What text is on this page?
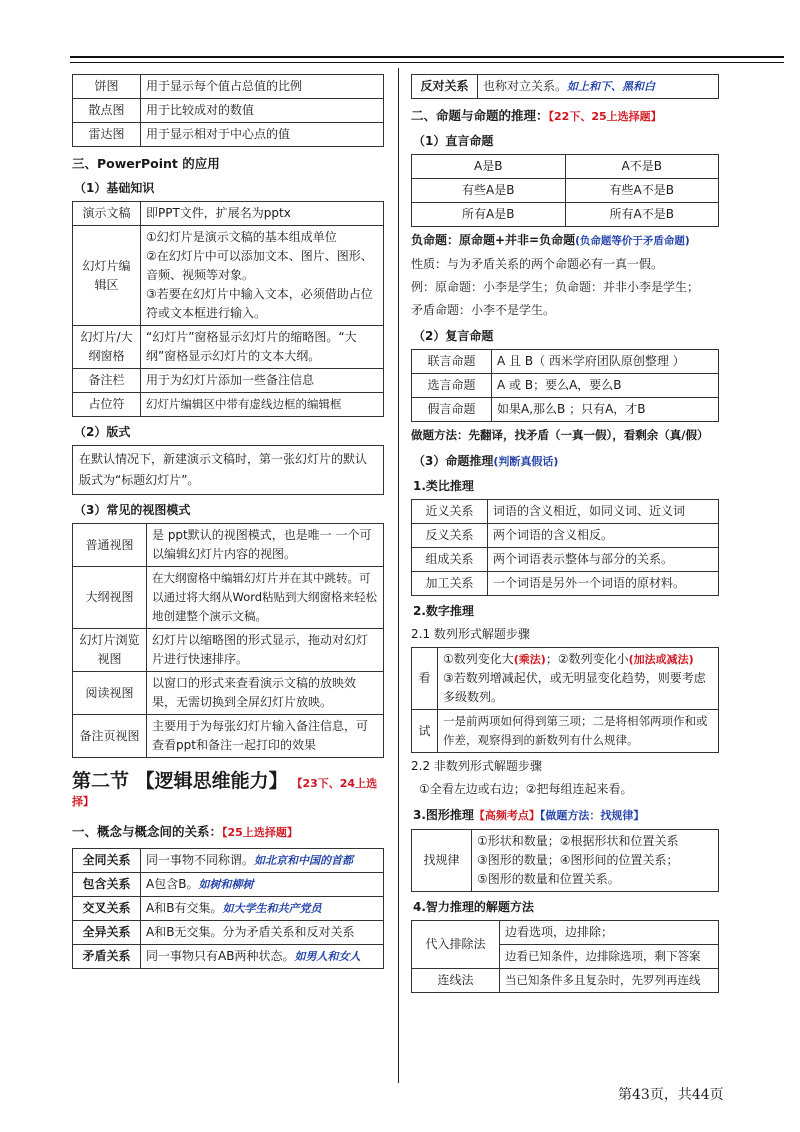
饼图	用于显示每个值占总值的比例
散点图	用于比较成对的数值
雷达图	用于显示相对于中心点的值
三、PowerPoint 的应用
（1）基础知识
演示文稿	即PPT文件，扩展名为pptx
幻灯片编辑区	①幻灯片是演示文稿的基本组成单位
②在幻灯片中可以添加文本、图片、图形、音频、视频等对象。
③若要在幻灯片中输入文本，必须借助占位符或文本框进行输入。
幻灯片/大纲窗格	“幻灯片”窗格显示幻灯片的缩略图。“大纲”窗格显示幻灯片的文本大纲。
备注栏	用于为幻灯片添加一些备注信息
占位符	幻灯片编辑区中带有虚线边框的编辑框
（2）版式
在默认情况下，新建演示文稿时，第一张幻灯片的默认版式为“标题幻灯片”。
（3）常见的视图模式
普通视图	是 ppt默认的视图模式，也是唯一 一个可以编辑幻灯片内容的视图。
大纲视图	在大纲窗格中编辑幻灯片并在其中跳转。可以通过将大纲从Word粘贴到大纲窗格来轻松地创建整个演示文稿。
幻灯片浏览视图	幻灯片以缩略图的形式显示，拖动对幻灯片进行快速排序。
阅读视图	以窗口的形式来查看演示文稿的放映效果，无需切换到全屏幻灯片放映。
备注页视图	主要用于为每张幻灯片输入备注信息，可查看ppt和备注一起打印的效果
第二节 【逻辑思维能力】 【23下、24上选择】
一、概念与概念间的关系：【25上选择题】
全同关系	同一事物不同称谓。如北京和中国的首都
包含关系	A包含B。如树和柳树
交叉关系	A和B有交集。如大学生和共产党员
全异关系	A和B无交集。分为矛盾关系和反对关系
矛盾关系	同一事物只有AB两种状态。如男人和女人
反对关系	也称对立关系。如上和下、黑和白
二、命题与命题的推理：【22下、25上选择题】
（1）直言命题
A是B	A不是B
有些A是B	有些A不是B
所有A是B	所有A不是B
负命题：原命题+并非=负命题(负命题等价于矛盾命题)
性质：与为矛盾关系的两个命题必有一真一假。
例：原命题：小李是学生；负命题：并非小李是学生；
矛盾命题：小李不是学生。
（2）复言命题
联言命题	A 且 B（ 西米学府团队原创整理 ）
选言命题	A 或 B；要么A，要么B
假言命题	如果A,那么B ；只有A，才B
做题方法：先翻译，找矛盾（一真一假），看剩余（真/假）
（3）命题推理(判断真假话)
1.类比推理
近义关系	词语的含义相近，如同义词、近义词
反义关系	两个词语的含义相反。
组成关系	两个词语表示整体与部分的关系。
加工关系	一个词语是另外一个词语的原材料。
2.数字推理
2.1 数列形式解题步骤
看	①数列变化大(乘法)；②数列变化小(加法或减法)
③若数列增减起伏，或无明显变化趋势，则要考虑多级数列。

试	一是前两项如何得到第三项；二是将相邻两项作和或作差，观察得到的新数列有什么规律。
2.2 非数列形式解题步骤
①全看左边或右边；②把每组连起来看。
3.图形推理【高频考点】【做题方法：找规律】
找规律	
①形状和数量；②根据形状和位置关系
③图形的数量；④图形间的位置关系；
⑤图形的数量和位置关系。
4.智力推理的解题方法
代入排除法	边看选项，边排除；
	边看已知条件，边排除选项，剩下答案
连线法	当已知条件多且复杂时，先罗列再连线
第43页，共44页
